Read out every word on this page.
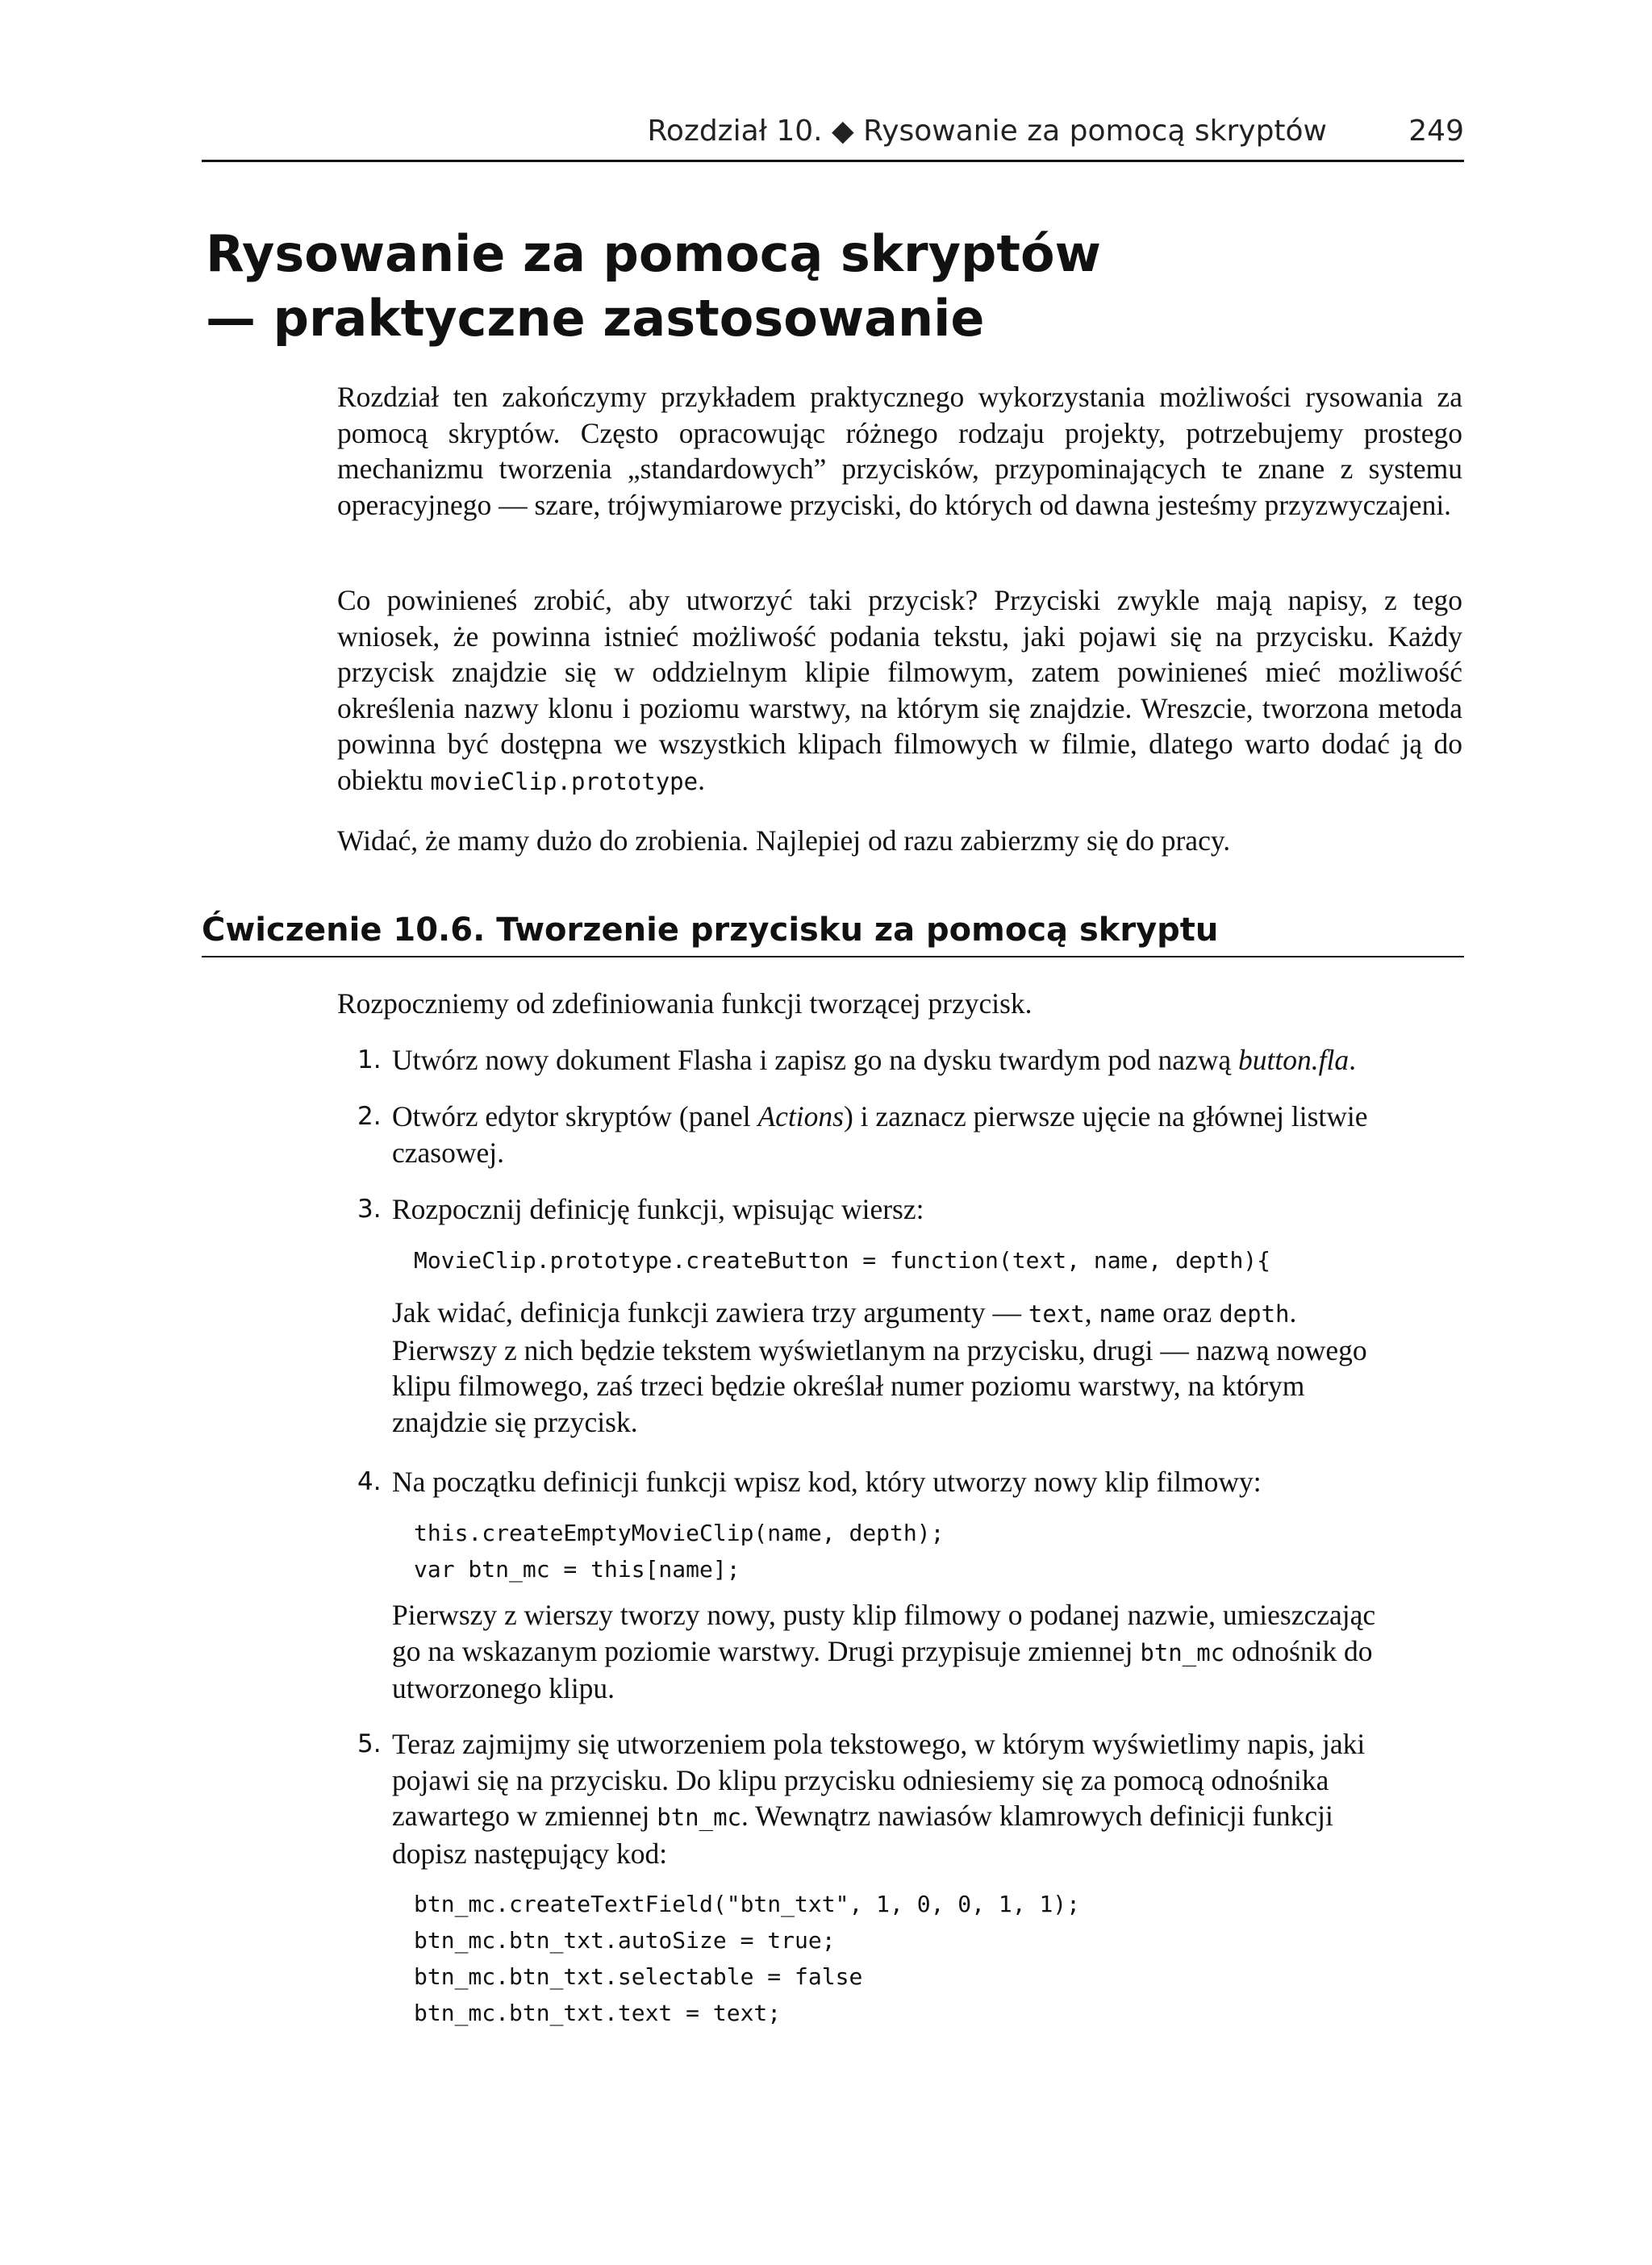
Rozdział 10. ◆ Rysowanie za pomocą skryptów	249
Rysowanie za pomocą skryptów
— praktyczne zastosowanie

Rozdział ten zakończymy przykładem praktycznego wykorzystania możliwości rysowania za pomocą skryptów. Często opracowując różnego rodzaju projekty, potrzebujemy prostego mechanizmu tworzenia „standardowych” przycisków, przypominających te znane z systemu operacyjnego — szare, trójwymiarowe przyciski, do których od dawna jesteśmy przyzwyczajeni.

Co powinieneś zrobić, aby utworzyć taki przycisk? Przyciski zwykle mają napisy, z tego wniosek, że powinna istnieć możliwość podania tekstu, jaki pojawi się na przycisku. Każdy przycisk znajdzie się w oddzielnym klipie filmowym, zatem powinieneś mieć możliwość określenia nazwy klonu i poziomu warstwy, na którym się znajdzie. Wreszcie, tworzona metoda powinna być dostępna we wszystkich klipach filmowych w filmie, dlatego warto dodać ją do obiektu movieClip.prototype.

Widać, że mamy dużo do zrobienia. Najlepiej od razu zabierzmy się do pracy.

Ćwiczenie 10.6. Tworzenie przycisku za pomocą skryptu

Rozpoczniemy od zdefiniowania funkcji tworzącej przycisk.

1. Utwórz nowy dokument Flasha i zapisz go na dysku twardym pod nazwą button.fla.
2. Otwórz edytor skryptów (panel Actions) i zaznacz pierwsze ujęcie na głównej listwie czasowej.
3. Rozpocznij definicję funkcji, wpisując wiersz:
MovieClip.prototype.createButton = function(text, name, depth){

Jak widać, definicja funkcji zawiera trzy argumenty — text, name oraz depth. Pierwszy z nich będzie tekstem wyświetlanym na przycisku, drugi — nazwą nowego klipu filmowego, zaś trzeci będzie określał numer poziomu warstwy, na którym znajdzie się przycisk.

4. Na początku definicji funkcji wpisz kod, który utworzy nowy klip filmowy:
this.createEmptyMovieClip(name, depth);
var btn_mc = this[name];

Pierwszy z wierszy tworzy nowy, pusty klip filmowy o podanej nazwie, umieszczając go na wskazanym poziomie warstwy. Drugi przypisuje zmiennej btn_mc odnośnik do utworzonego klipu.

5. Teraz zajmijmy się utworzeniem pola tekstowego, w którym wyświetlimy napis, jaki pojawi się na przycisku. Do klipu przycisku odniesiemy się za pomocą odnośnika zawartego w zmiennej btn_mc. Wewnątrz nawiasów klamrowych definicji funkcji dopisz następujący kod:
btn_mc.createTextField("btn_txt", 1, 0, 0, 1, 1);
btn_mc.btn_txt.autoSize = true;
btn_mc.btn_txt.selectable = false
btn_mc.btn_txt.text = text;
